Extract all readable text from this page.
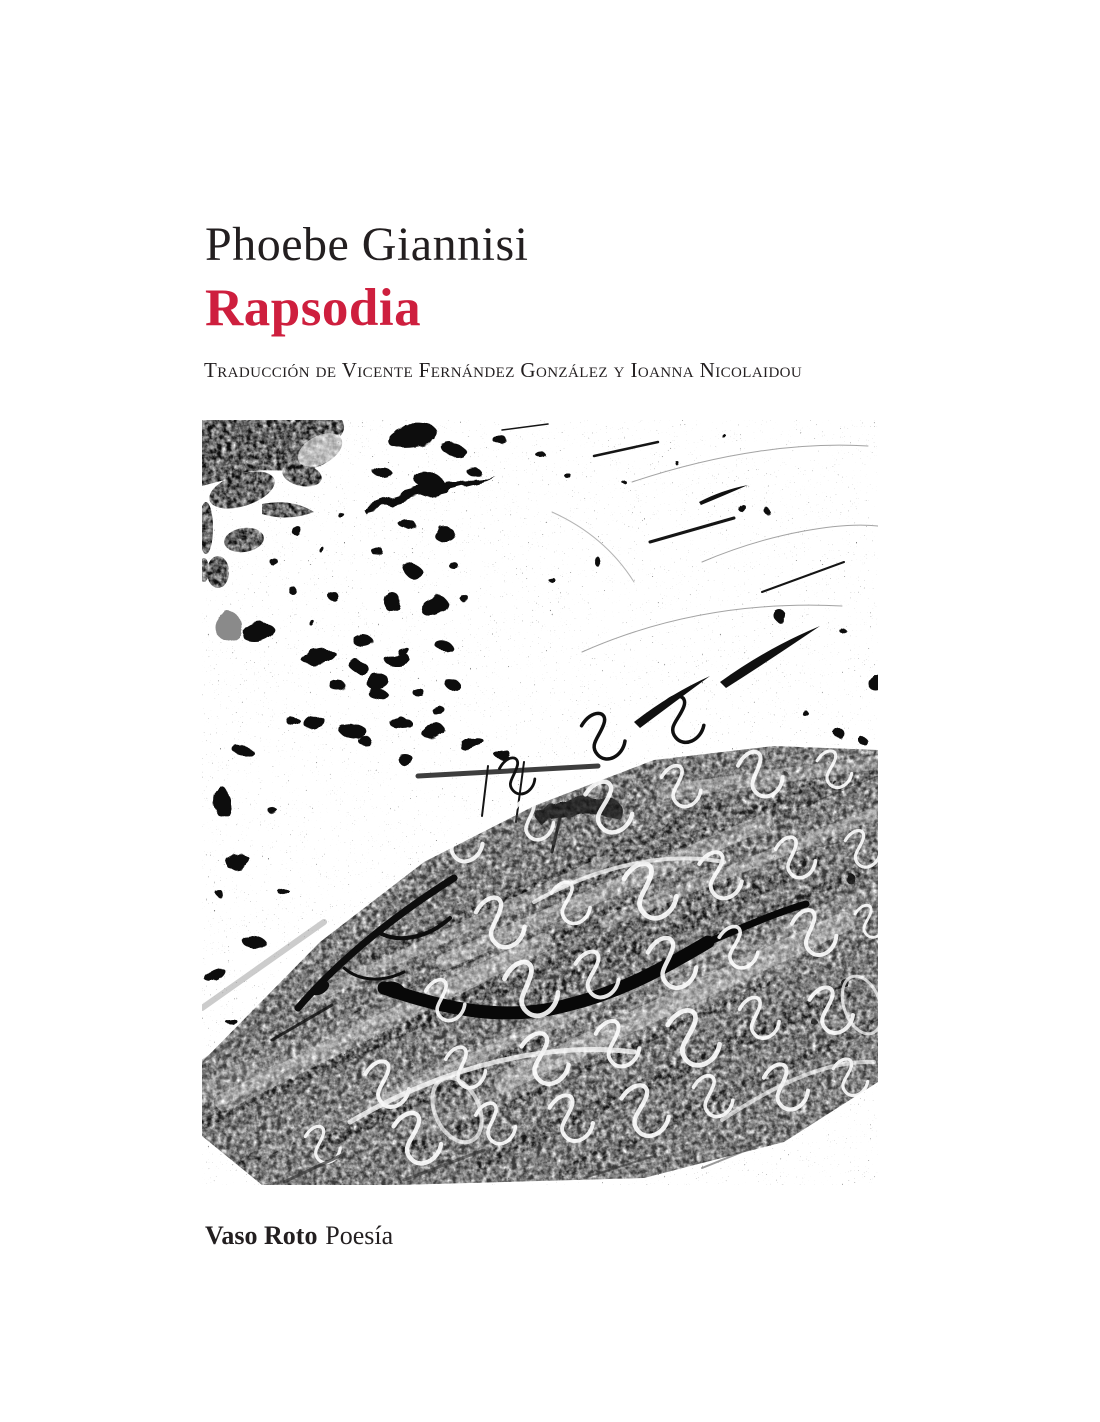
Phoebe Giannisi
Rapsodia
Traducción de Vicente Fernández González y Ioanna Nicolaidou
Vaso Roto Poesía
